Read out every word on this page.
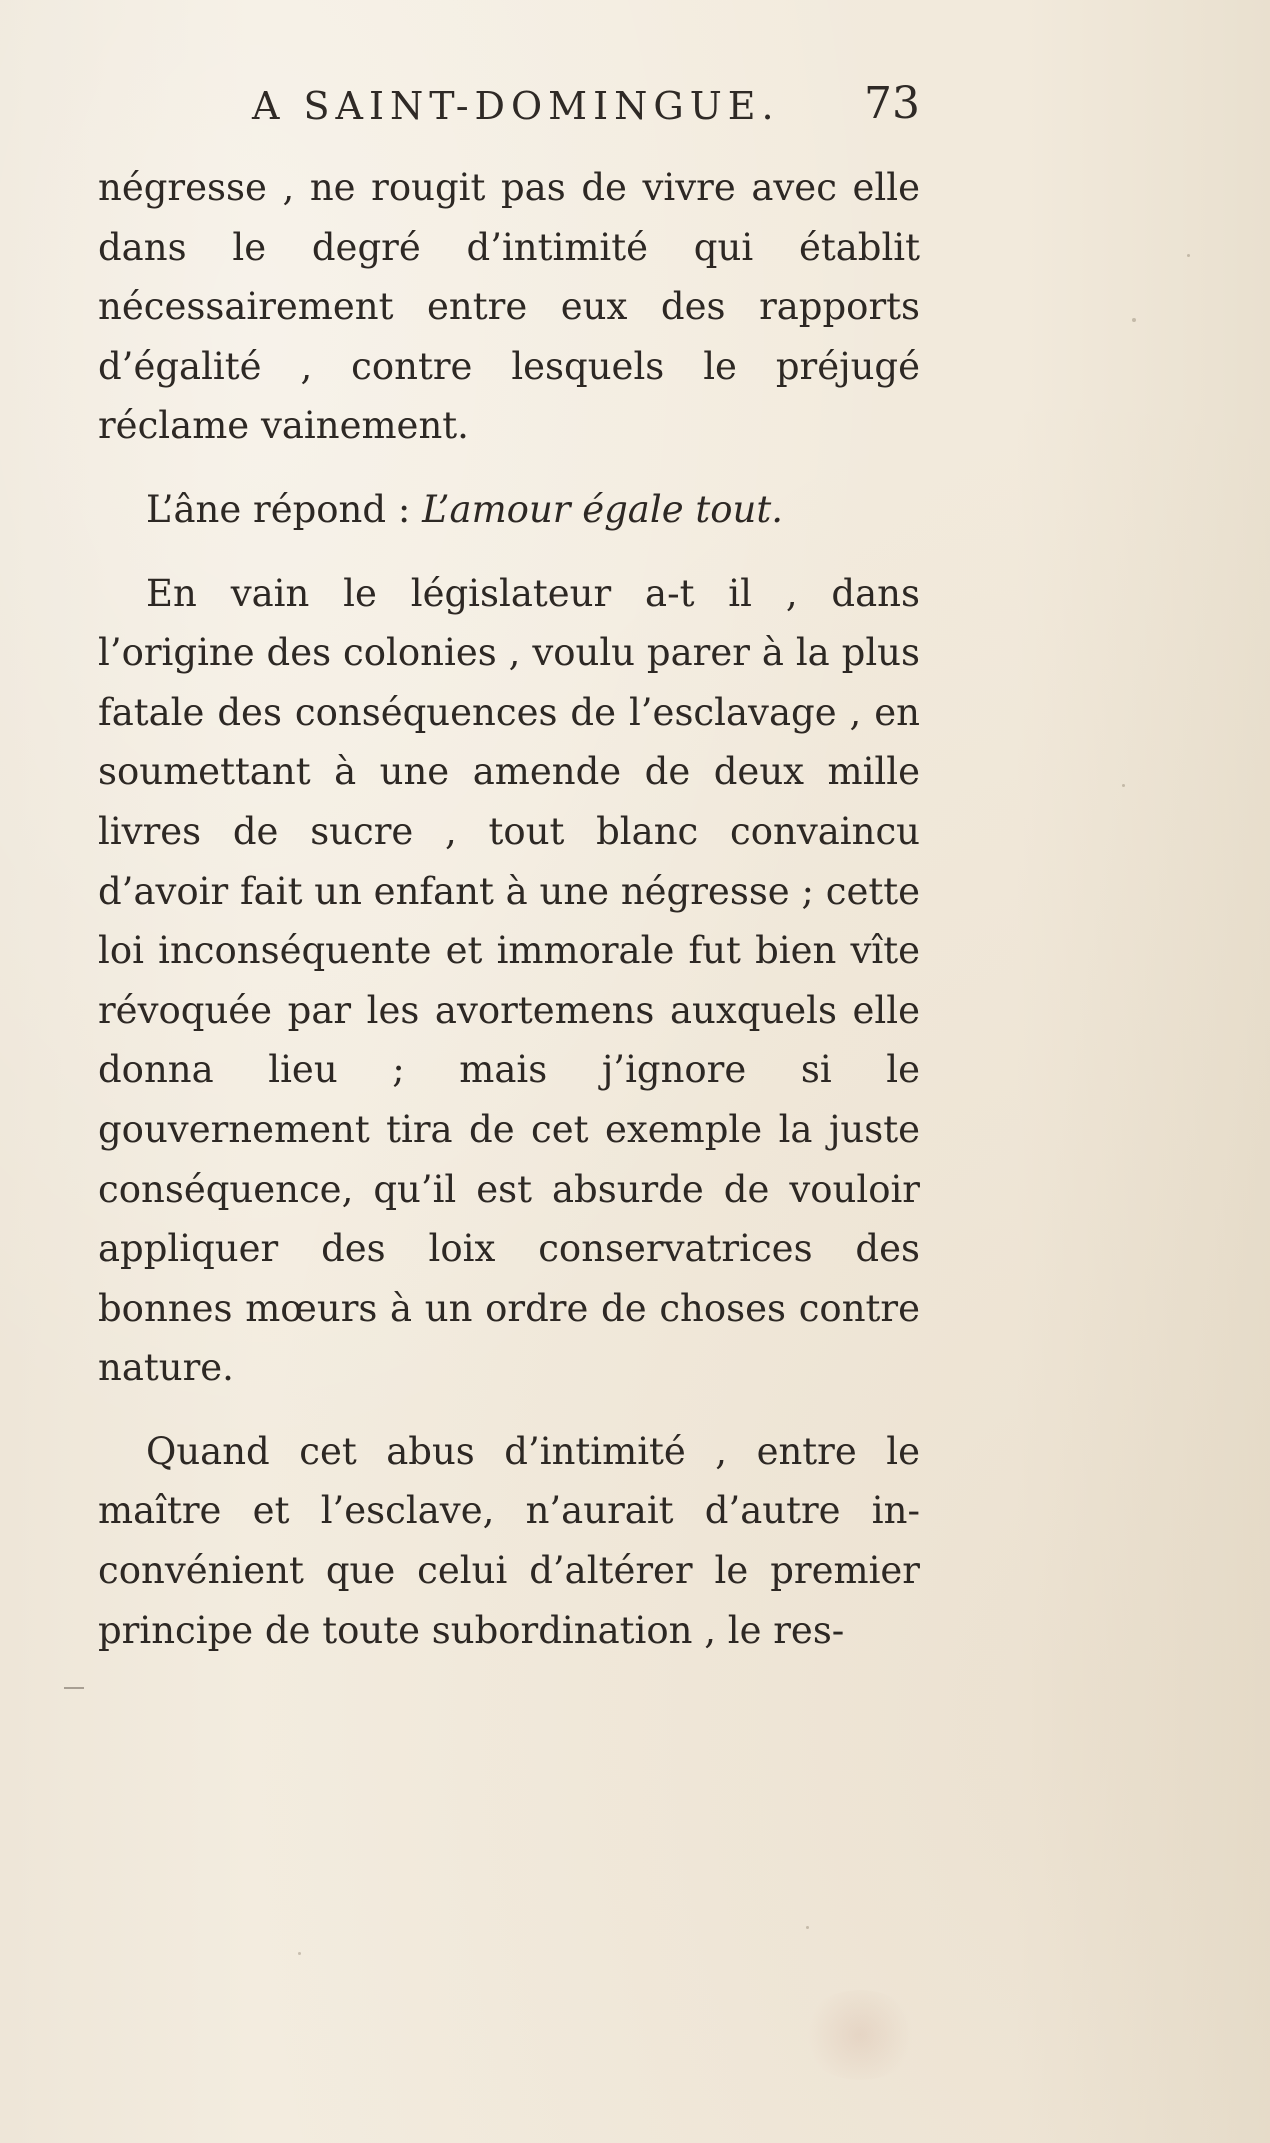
A SAINT-DOMINGUE. 73

négresse , ne rougit pas de vivre avec elle dans le degré d’intimité qui établit nécessairement entre eux des rapports d’égalité , contre lesquels le préjugé réclame vainement.

L’âne répond : L’amour égale tout.

En vain le législateur a-t il , dans l’origine des colonies , voulu parer à la plus fatale des conséquences de l’esclavage , en soumettant à une amende de deux mille livres de sucre , tout blanc convaincu d’avoir fait un enfant à une négresse ; cette loi inconséquente et immorale fut bien vîte révoquée par les avortemens auxquels elle donna lieu ; mais j’ignore si le gouvernement tira de cet exemple la juste conséquence, qu’il est absurde de vouloir appliquer des loix conservatrices des bonnes mœurs à un ordre de choses contre nature.

Quand cet abus d’intimité , entre le maître et l’esclave, n’aurait d’autre inconvénient que celui d’altérer le premier principe de toute subordination , le res-
